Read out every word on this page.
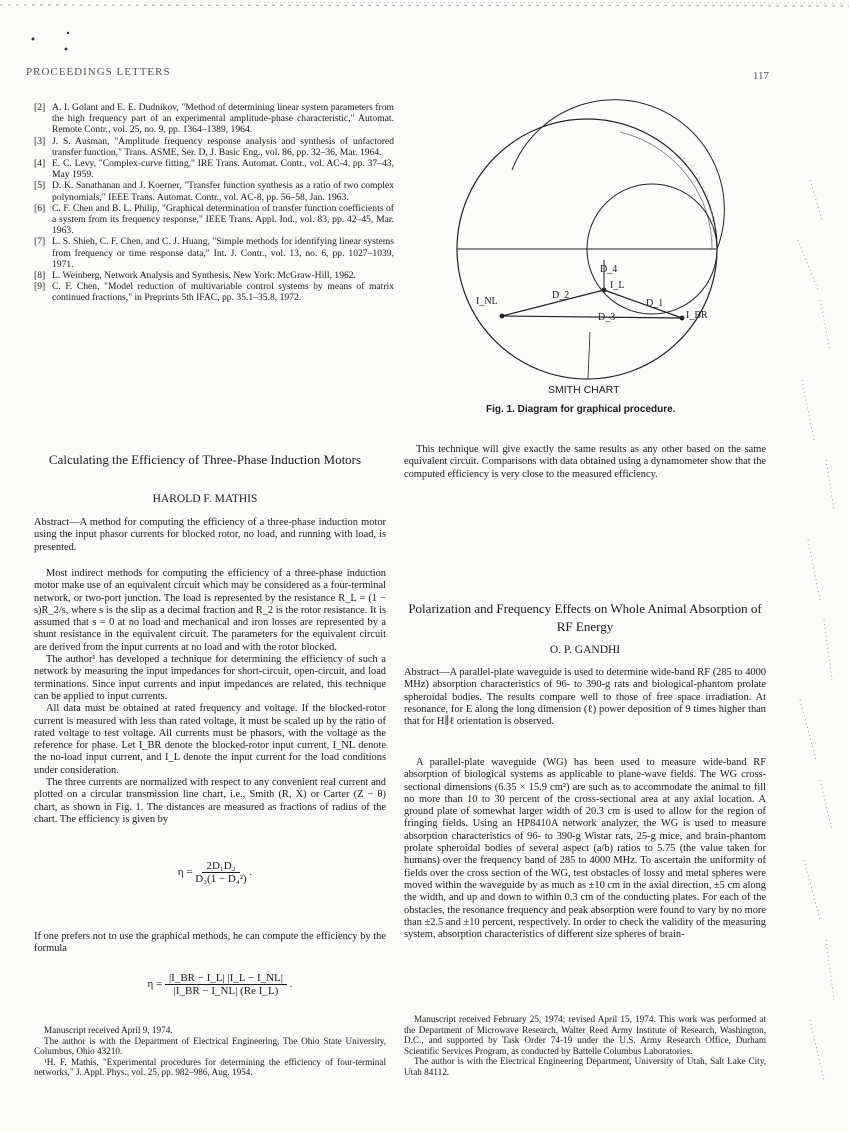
PROCEEDINGS LETTERS	117
[2] A. I. Golant and E. E. Dudnikov, "Method of determining linear system parameters from the high frequency part of an experimental amplitude-phase characteristic," Automat. Remote Contr., vol. 25, no. 9, pp. 1364–1389, 1964.
[3] J. S. Ausman, "Amplitude frequency response analysis and synthesis of unfactored transfer function," Trans. ASME, Ser. D, J. Basic Eng., vol. 86, pp. 32–36, Mar. 1964.
[4] E. C. Levy, "Complex-curve fitting," IRE Trans. Automat. Contr., vol. AC-4, pp. 37–43, May 1959.
[5] D. K. Sanathanan and J. Koerner, "Transfer function synthesis as a ratio of two complex polynomials," IEEE Trans. Automat. Contr., vol. AC-8, pp. 56–58, Jan. 1963.
[6] C. F. Chen and B. L. Philip, "Graphical determination of transfer function coefficients of a system from its frequency response," IEEE Trans. Appl. Ind., vol. 83, pp. 42–45, Mar. 1963.
[7] L. S. Shieh, C. F. Chen, and C. J. Huang, "Simple methods for identifying linear systems from frequency or time response data," Int. J. Contr., vol. 13, no. 6, pp. 1027–1039, 1971.
[8] L. Weinberg, Network Analysis and Synthesis. New York: McGraw-Hill, 1962.
[9] C. F. Chen, "Model reduction of multivariable control systems by means of matrix continued fractions," in Preprints 5th IFAC, pp. 35.1–35.8, 1972.	I_NL
I_L
I_BR
D_1
D_2
D_3
D_4
SMITH CHART
Fig. 1. Diagram for graphical procedure.
Calculating the Efficiency of Three-Phase Induction Motors
HAROLD F. MATHIS
Abstract—A method for computing the efficiency of a three-phase induction motor using the input phasor currents for blocked rotor, no load, and running with load, is presented.

Most indirect methods for computing the efficiency of a three-phase induction motor make use of an equivalent circuit which may be considered as a four-terminal network, or two-port junction. The load is represented by the resistance R_L = (1 − s)R_2/s, where s is the slip as a decimal fraction and R_2 is the rotor resistance. It is assumed that s = 0 at no load and mechanical and iron losses are represented by a shunt resistance in the equivalent circuit. The parameters for the equivalent circuit are derived from the input currents at no load and with the rotor blocked.

The author¹ has developed a technique for determining the efficiency of such a network by measuring the input impedances for short-circuit, open-circuit, and load terminations. Since input currents and input impedances are related, this technique can be applied to input currents.

All data must be obtained at rated frequency and voltage. If the blocked-rotor current is measured with less than rated voltage, it must be scaled up by the ratio of rated voltage to test voltage. All currents must be phasors, with the voltage as the reference for phase. Let I_BR denote the blocked-rotor input current, I_NL denote the no-load input current, and I_L denote the input current for the load conditions under consideration.

The three currents are normalized with respect to any convenient real current and plotted on a circular transmission line chart, i.e., Smith (R, X) or Carter (Z − θ) chart, as shown in Fig. 1. The distances are measured as fractions of radius of the chart. The efficiency is given by

$\eta = \frac{\text{2D₁D₂}}{\text{D₃(1 − D₄²)}}$ .
If one prefers not to use the graphical methods, he can compute the efficiency by the formula
$\eta = \frac{|I\_BR - I\_L| |I\_L - I\_NL|}{\text{|I\_BR − I\_NL| (Re I\_L)}}$ .

Manuscript received April 9, 1974.

The author is with the Department of Electrical Engineering, The Ohio State University, Columbus, Ohio 43210.

¹H. F. Mathis, "Experimental procedures for determining the efficiency of four-terminal networks," J. Appl. Phys., vol. 25, pp. 982–986, Aug. 1954.

This technique will give exactly the same results as any other based on the same equivalent circuit. Comparisons with data obtained using a dynamometer show that the computed efficiency is very close to the measured efficiency.

Polarization and Frequency Effects on Whole Animal Absorption of RF Energy
O. P. GANDHI
Abstract—A parallel-plate waveguide is used to determine wide-band RF (285 to 4000 MHz) absorption characteristics of 96- to 390-g rats and biological-phantom prolate spheroidal bodies. The results compare well to those of free space irradiation. At resonance, for E along the long dimension (ℓ) power deposition of 9 times higher than that for H∥ℓ orientation is observed.

A parallel-plate waveguide (WG) has been used to measure wide-band RF absorption of biological systems as applicable to plane-wave fields. The WG cross-sectional dimensions (6.35 × 15.9 cm²) are such as to accommodate the animal to fill no more than 10 to 30 percent of the cross-sectional area at any axial location. A ground plate of somewhat larger width of 20.3 cm is used to allow for the region of fringing fields. Using an HP8410A network analyzer, the WG is used to measure absorption characteristics of 96- to 390-g Wistar rats, 25-g mice, and brain-phantom prolate spheroidal bodies of several aspect (a/b) ratios to 5.75 (the value taken for humans) over the frequency band of 285 to 4000 MHz. To ascertain the uniformity of fields over the cross section of the WG, test obstacles of lossy and metal spheres were moved within the waveguide by as much as ±10 cm in the axial direction, ±5 cm along the width, and up and down to within 0.3 cm of the conducting plates. For each of the obstacles, the resonance frequency and peak absorption were found to vary by no more than ±2.5 and ±10 percent, respectively. In order to check the validity of the measuring system, absorption characteristics of different size spheres of brain-

Manuscript received February 25, 1974; revised April 15, 1974. This work was performed at the Department of Microwave Research, Walter Reed Army Institute of Research, Washington, D.C., and supported by Task Order 74-19 under the U.S. Army Research Office, Durham Scientific Services Program, as conducted by Battelle Columbus Laboratories.

The author is with the Electrical Engineering Department, University of Utah, Salt Lake City, Utah 84112.
